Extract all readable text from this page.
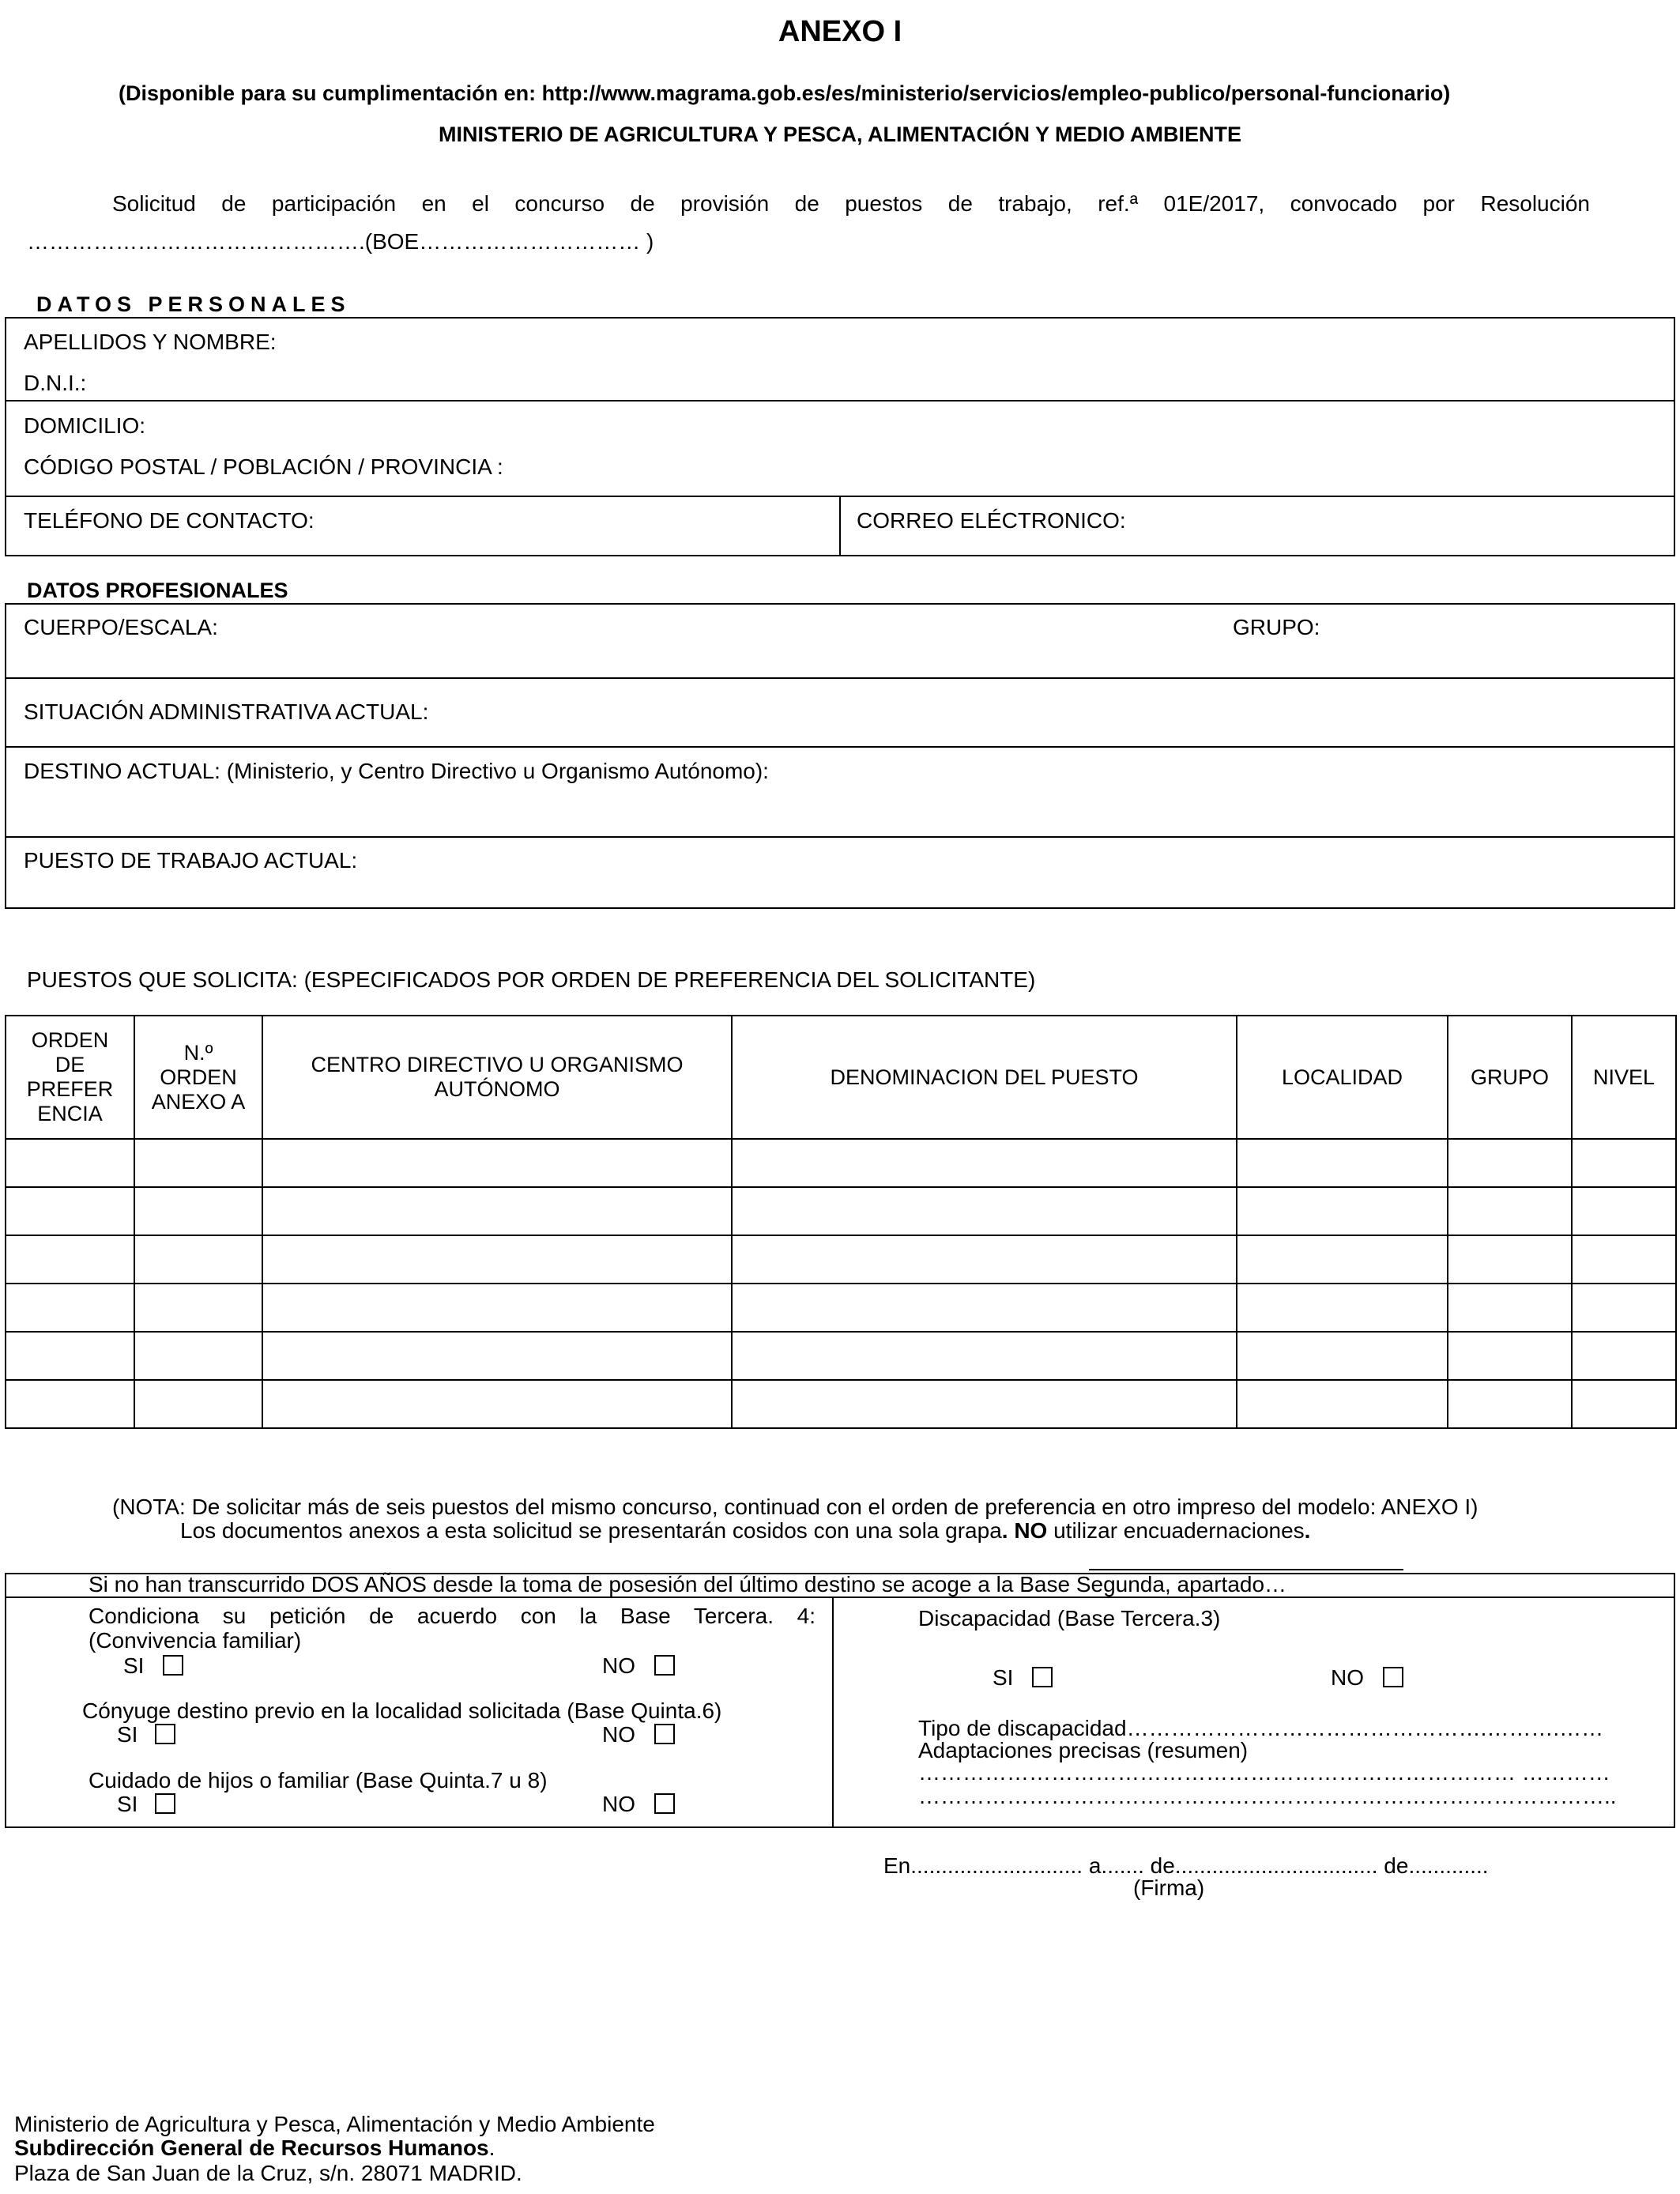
ANEXO I
(Disponible para su cumplimentación en: http://www.magrama.gob.es/es/ministerio/servicios/empleo-publico/personal-funcionario)
MINISTERIO DE AGRICULTURA Y PESCA, ALIMENTACIÓN Y MEDIO AMBIENTE
Solicitud de participación en el concurso de provisión de puestos de trabajo, ref.ª 01E/2017, convocado por Resolución
……………………………………….(BOE………………………… )
DATOS PERSONALES
APELLIDOS Y NOMBRE:
D.N.I.:
DOMICILIO:
CÓDIGO POSTAL / POBLACIÓN / PROVINCIA :
TELÉFONO DE CONTACTO:	CORREO ELÉCTRONICO:
DATOS PROFESIONALES
CUERPO/ESCALA:	GRUPO:
SITUACIÓN ADMINISTRATIVA ACTUAL:
DESTINO ACTUAL: (Ministerio, y Centro Directivo u Organismo Autónomo):
PUESTO DE TRABAJO ACTUAL:
PUESTOS QUE SOLICITA: (ESPECIFICADOS POR ORDEN DE PREFERENCIA DEL SOLICITANTE)
ORDEN DE PREFER ENCIA	N.º ORDEN ANEXO A	CENTRO DIRECTIVO U ORGANISMO AUTÓNOMO	DENOMINACION DEL PUESTO	LOCALIDAD	GRUPO	NIVEL

(NOTA: De solicitar más de seis puestos del mismo concurso, continuad con el orden de preferencia en otro impreso del modelo: ANEXO I)
Los documentos anexos a esta solicitud se presentarán cosidos con una sola grapa. NO utilizar encuadernaciones.
Si no han transcurrido DOS AÑOS desde la toma de posesión del último destino se acoge a la Base Segunda, apartado…
Condiciona su petición de acuerdo con la Base Tercera. 4:
(Convivencia familiar)
SI	NO
Cónyuge destino previo en la localidad solicitada (Base Quinta.6)
SI	NO
Cuidado de hijos o familiar (Base Quinta.7 u 8)
SI	NO
Discapacidad (Base Tercera.3)
SI	NO
Tipo de discapacidad………………………………………….……….……
Adaptaciones precisas (resumen)
……………………………………………………………………… …………
…………………………………………………………………………………..
En............................ a....... de................................. de.............
(Firma)
Ministerio de Agricultura y Pesca, Alimentación y Medio Ambiente
Subdirección General de Recursos Humanos.
Plaza de San Juan de la Cruz, s/n. 28071 MADRID.
